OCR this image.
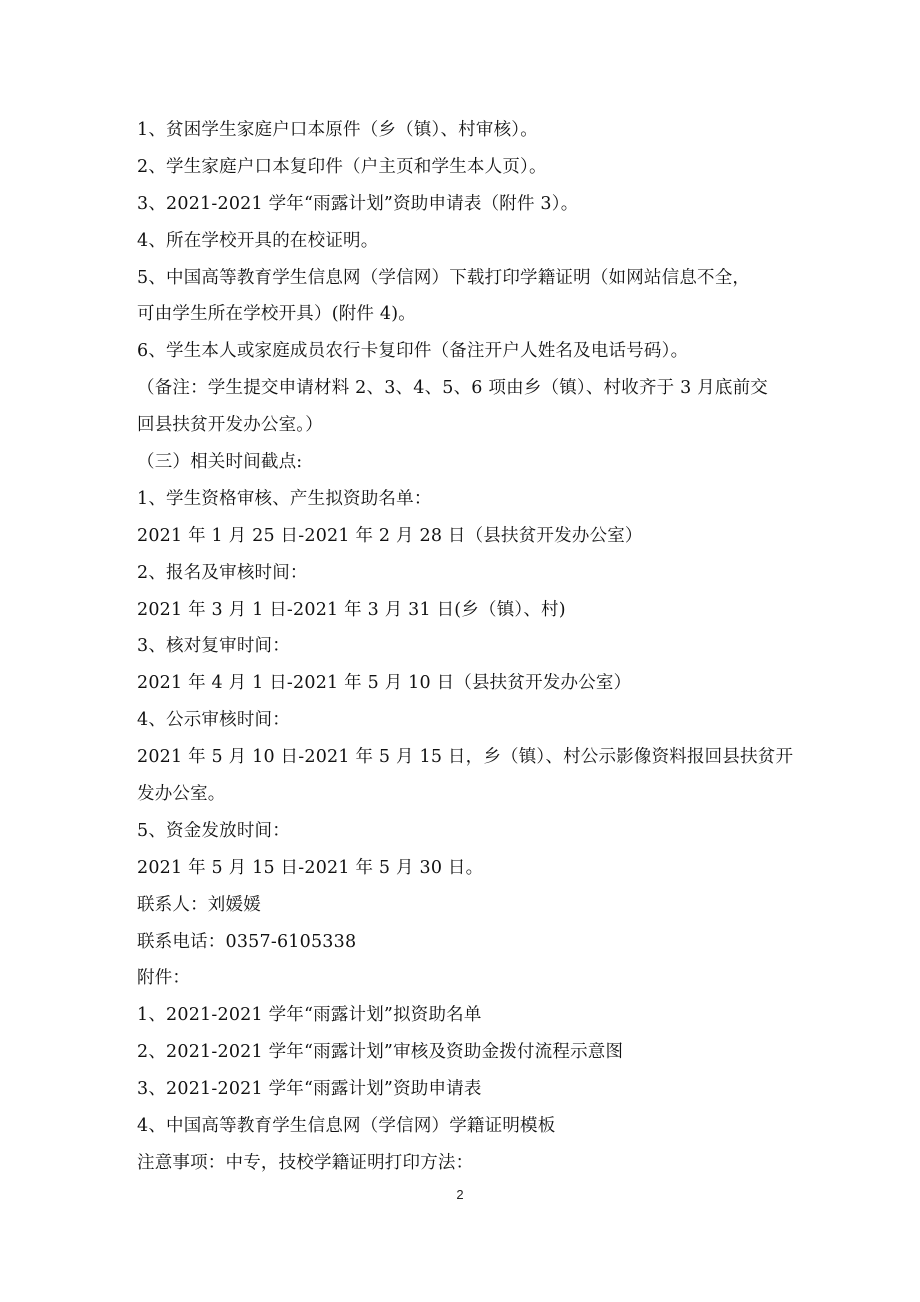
1、贫困学生家庭户口本原件（乡（镇）、村审核）。
2、学生家庭户口本复印件（户主页和学生本人页）。
3、2021-2021 学年“雨露计划”资助申请表（附件 3）。
4、所在学校开具的在校证明。
5、中国高等教育学生信息网（学信网）下载打印学籍证明（如网站信息不全，
可由学生所在学校开具）(附件 4)。
6、学生本人或家庭成员农行卡复印件（备注开户人姓名及电话号码）。
（备注：学生提交申请材料 2、3、4、5、6 项由乡（镇）、村收齐于 3 月底前交
回县扶贫开发办公室。）
（三）相关时间截点:
1、学生资格审核、产生拟资助名单：
2021 年 1 月 25 日-2021 年 2 月 28 日（县扶贫开发办公室）
2、报名及审核时间：
2021 年 3 月 1 日-2021 年 3 月 31 日(乡（镇）、村)
3、核对复审时间：
2021 年 4 月 1 日-2021 年 5 月 10 日（县扶贫开发办公室）
4、公示审核时间：
2021 年 5 月 10 日-2021 年 5 月 15 日，乡（镇）、村公示影像资料报回县扶贫开
发办公室。
5、资金发放时间：
2021 年 5 月 15 日-2021 年 5 月 30 日。
联系人：刘媛媛
联系电话：0357-6105338
附件：
1、2021-2021 学年“雨露计划”拟资助名单
2、2021-2021 学年“雨露计划”审核及资助金拨付流程示意图
3、2021-2021 学年“雨露计划”资助申请表
4、中国高等教育学生信息网（学信网）学籍证明模板
注意事项：中专，技校学籍证明打印方法：
2
